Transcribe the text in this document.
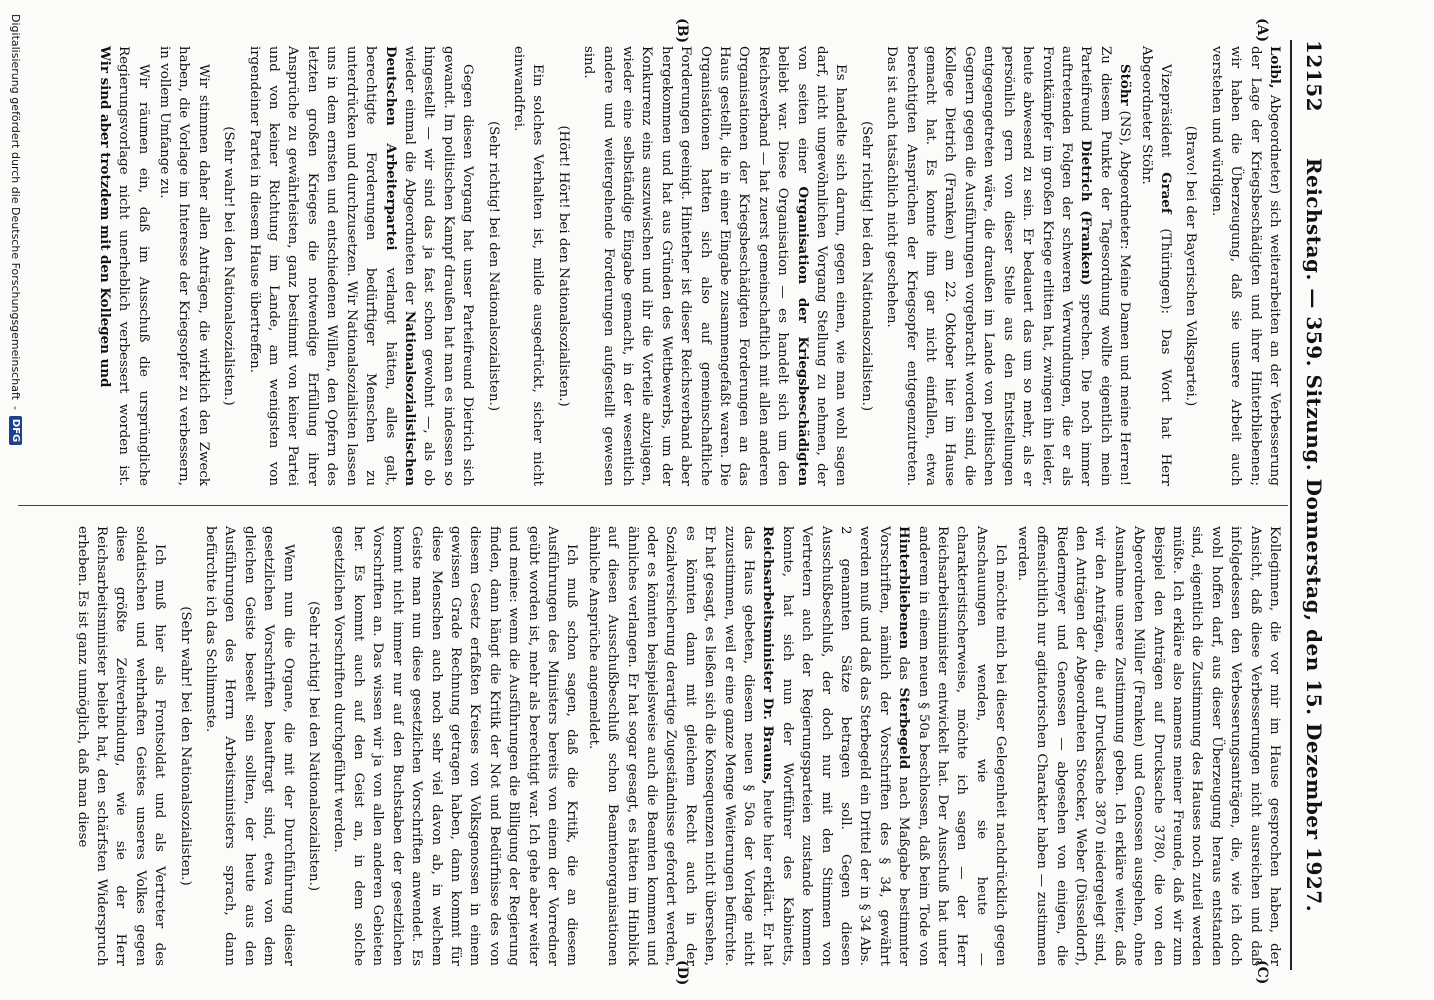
Digitalisierung gefördert durch die Deutsche Forschungsgemeinschaft
-
DFG
12152
Reichstag. — 359. Sitzung. Donnerstag, den 15. Dezember 1927.
(A)
(B)
(C)
(D)

Loibl, Abgeordneter) sich weiterarbeiten an der Verbesserung der Lage der Kriegsbeschädigten und ihrer Hinterbliebenen; wir haben die Überzeugung, daß sie unsere Arbeit auch verstehen und würdigen.

(Bravo! bei der Bayerischen Volkspartei.)

Vizepräsident Graef (Thüringen): Das Wort hat Herr Abgeordneter Stöhr.

Stöhr (NS), Abgeordneter: Meine Damen und meine Herren! Zu diesem Punkte der Tagesordnung wollte eigentlich mein Parteifreund Dietrich (Franken) sprechen. Die noch immer auftretenden Folgen der schweren Verwundungen, die er als Frontkämpfer im großen Kriege erlitten hat, zwingen ihn leider, heute abwesend zu sein. Er bedauert das um so mehr, als er persönlich gern von dieser Stelle aus den Entstellungen entgegengetreten wäre, die draußen im Lande von politischen Gegnern gegen die Ausführungen vorgebracht worden sind, die Kollege Dietrich (Franken) am 22. Oktober hier im Hause gemacht hat. Es konnte ihm gar nicht einfallen, etwa berechtigten Ansprüchen der Kriegsopfer entgegenzutreten. Das ist auch tatsächlich nicht geschehen.

(Sehr richtig! bei den Nationalsozialisten.)

Es handelte sich darum, gegen einen, wie man wohl sagen darf, nicht ungewöhnlichen Vorgang Stellung zu nehmen, der von seiten einer Organisation der Kriegsbeschädigten beliebt war. Diese Organisation — es handelt sich um den Reichsverband — hat zuerst gemeinschaftlich mit allen anderen Organisationen der Kriegsbeschädigten Forderungen an das Haus gestellt, die in einer Eingabe zusammengefaßt waren. Die Organisationen hatten sich also auf gemeinschaftliche Forderungen geeinigt. Hinterher ist dieser Reichsverband aber hergekommen und hat aus Gründen des Wettbewerbs, um der Konkurrenz eins auszuwischen und ihr die Vorteile abzujagen, wieder eine selbständige Eingabe gemacht, in der wesentlich andere und weitergehende Forderungen aufgestellt gewesen sind.

(Hört! Hört! bei den Nationalsozialisten.)

Ein solches Verhalten ist, milde ausgedrückt, sicher nicht einwandfrei.

(Sehr richtig! bei den Nationalsozialisten.)

Gegen diesen Vorgang hat unser Parteifreund Dietrich sich gewandt. Im politischen Kampf draußen hat man es indessen so hingestellt — wir sind das ja fast schon gewohnt —, als ob wieder einmal die Abgeordneten der Nationalsozialistischen Deutschen Arbeiterpartei verlangt hätten, alles galt, berechtigte Forderungen bedürftiger Menschen zu unterdrücken und durchzusetzen. Wir Nationalsozialisten lassen uns in dem ernsten und entschiedenen Willen, den Opfern des letzten großen Krieges die notwendige Erfüllung ihrer Ansprüche zu gewährleisten, ganz bestimmt von keiner Partei und von keiner Richtung im Lande, am wenigsten von irgendeiner Partei in diesem Hause übertreffen.

(Sehr wahr! bei den Nationalsozialisten.)

Wir stimmen daher allen Anträgen, die wirklich den Zweck haben, die Vorlage im Interesse der Kriegsopfer zu verbessern, in vollem Umfange zu.

Wir räumen ein, daß im Ausschuß die ursprüngliche Regierungsvorlage nicht unerheblich verbessert worden ist. Wir sind aber trotzdem mit den Kollegen und

Kolleginnen, die vor mir im Hause gesprochen haben, der Ansicht, daß diese Verbesserungen nicht ausreichen und daß infolgedessen den Verbesserungsanträgen, die, wie ich doch wohl hoffen darf, aus dieser Überzeugung heraus entstanden sind, eigentlich die Zustimmung des Hauses noch zuteil werden müßte. Ich erkläre also namens meiner Freunde, daß wir zum Beispiel den Anträgen auf Drucksache 3780, die von den Abgeordneten Müller (Franken) und Genossen ausgehen, ohne Ausnahme unsere Zustimmung geben. Ich erkläre weiter, daß wir den Anträgen, die auf Drucksache 3870 niedergelegt sind, den Anträgen der Abgeordneten Stoecker, Weber (Düsseldorf), Riedermeyer und Genossen — abgesehen von einigen, die offensichtlich nur agitatorischen Charakter haben — zustimmen werden.

Ich möchte mich bei dieser Gelegenheit nachdrücklich gegen Anschauungen wenden, wie sie heute — charakteristischerweise, möchte ich sagen — der Herr Reichsarbeitsminister entwickelt hat. Der Ausschuß hat unter anderem in einem neuen § 50a beschlossen, daß beim Tode von Hinterbliebenen das Sterbegeld nach Maßgabe bestimmter Vorschriften, nämlich der Vorschriften des § 34, gewährt werden muß und daß das Sterbegeld ein Drittel der in § 34 Abs. 2 genannten Sätze betragen soll. Gegen diesen Ausschußbeschluß, der doch nur mit den Stimmen von Vertretern auch der Regierungsparteien zustande kommen konnte, hat sich nun der Wortführer des Kabinetts, Reichsarbeitsminister Dr. Brauns, heute hier erklärt. Er hat das Haus gebeten, diesem neuen § 50a der Vorlage nicht zuzustimmen, weil er eine ganze Menge Weiterungen befürchte. Er hat gesagt, es ließen sich die Konsequenzen nicht übersehen, es könnten dann mit gleichem Recht auch in der Sozialversicherung derartige Zugeständnisse gefordert werden, oder es könnten beispielsweise auch die Beamten kommen und ähnliches verlangen. Er hat sogar gesagt, es hätten im Hinblick auf diesen Ausschußbeschluß schon Beamtenorganisationen ähnliche Ansprüche angemeldet.

Ich muß schon sagen, daß die Kritik, die an diesem Ausführungen des Ministers bereits von einem der Vorredner geübt worden ist, mehr als berechtigt war. Ich gehe aber weiter und meine: wenn die Ausführungen die Billigung der Regierung finden, dann hängt die Kritik der Not und Bedürfnisse des von diesem Gesetz erfaßten Kreises von Volksgenossen in einem gewissen Grade Rechnung getragen haben, dann kommt für diese Menschen auch noch sehr viel davon ab, in welchem Geiste man nun diese gesetzlichen Vorschriften anwendet. Es kommt nicht immer nur auf den Buchstaben der gesetzlichen Vorschriften an. Das wissen wir ja von allen anderen Gebieten her. Es kommt auch auf den Geist an, in dem solche gesetzlichen Vorschriften durchgeführt werden.

(Sehr richtig! bei den Nationalsozialisten.)

Wenn nun die Organe, die mit der Durchführung dieser gesetzlichen Vorschriften beauftragt sind, etwa von dem gleichen Geiste beseelt sein sollten, der heute aus den Ausführungen des Herrn Arbeitsministers sprach, dann befürchte ich das Schlimmste.

(Sehr wahr! bei den Nationalsozialisten.)

Ich muß hier als Frontsoldat und als Vertreter des soldatischen und wehrhaften Geistes unseres Volkes gegen diese größte Zeitverbindung, wie sie der Herr Reichsarbeitsminister beliebt hat, den schärfsten Widerspruch erheben. Es ist ganz unmöglich, daß man diese
